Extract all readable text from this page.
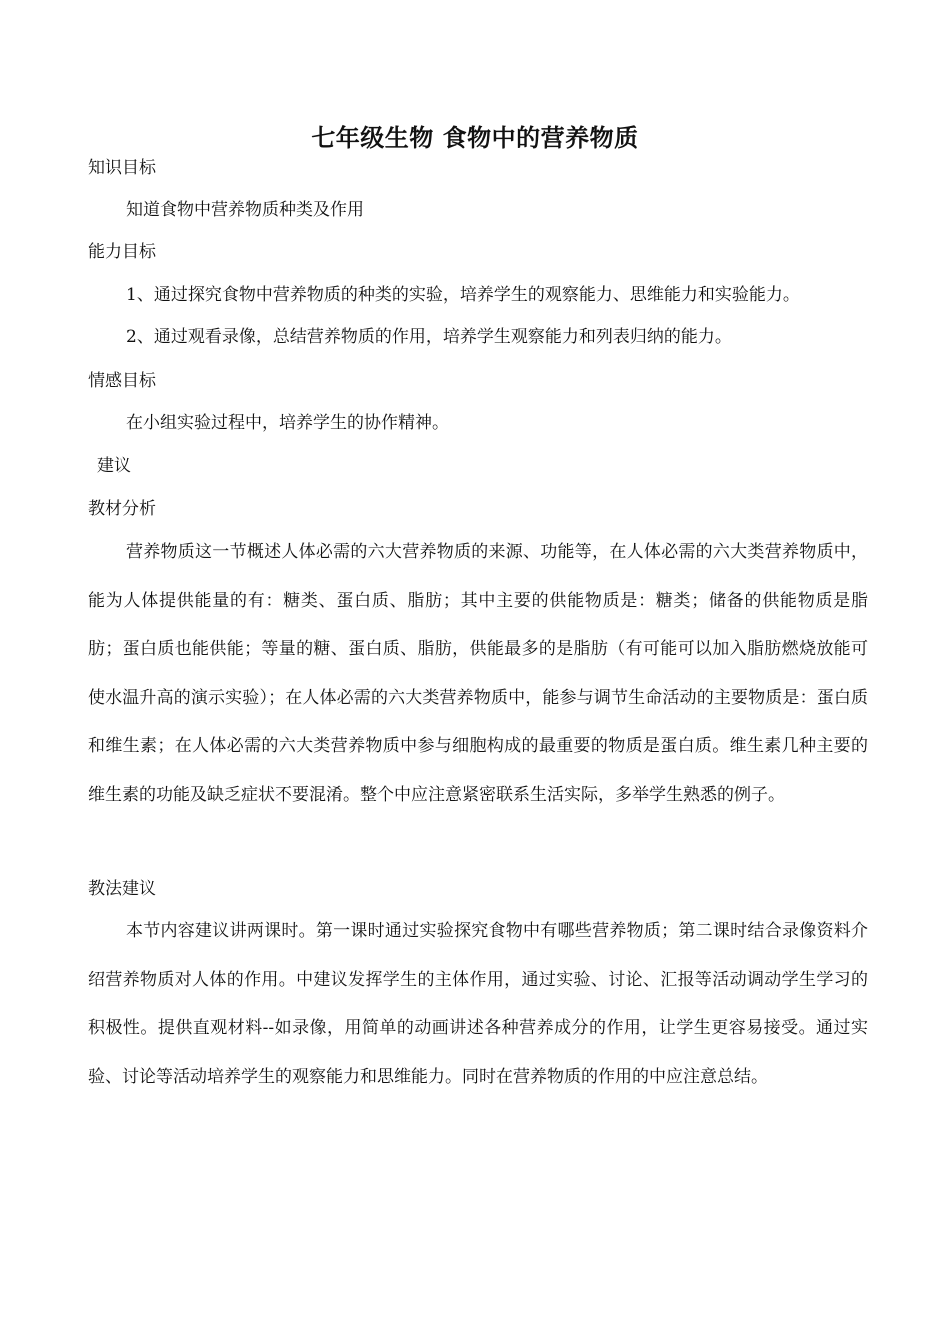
七年级生物 食物中的营养物质
知识目标
知道食物中营养物质种类及作用
能力目标
1、通过探究食物中营养物质的种类的实验，培养学生的观察能力、思维能力和实验能力。
2、通过观看录像，总结营养物质的作用，培养学生观察能力和列表归纳的能力。
情感目标
在小组实验过程中，培养学生的协作精神。
建议
教材分析
营养物质这一节概述人体必需的六大营养物质的来源、功能等，在人体必需的六大类营养物质中，能为人体提供能量的有：糖类、蛋白质、脂肪；其中主要的供能物质是：糖类；储备的供能物质是脂肪；蛋白质也能供能；等量的糖、蛋白质、脂肪，供能最多的是脂肪（有可能可以加入脂肪燃烧放能可使水温升高的演示实验）；在人体必需的六大类营养物质中，能参与调节生命活动的主要物质是：蛋白质和维生素；在人体必需的六大类营养物质中参与细胞构成的最重要的物质是蛋白质。维生素几种主要的维生素的功能及缺乏症状不要混淆。整个中应注意紧密联系生活实际，多举学生熟悉的例子。
教法建议
本节内容建议讲两课时。第一课时通过实验探究食物中有哪些营养物质；第二课时结合录像资料介绍营养物质对人体的作用。中建议发挥学生的主体作用，通过实验、讨论、汇报等活动调动学生学习的积极性。提供直观材料--如录像，用简单的动画讲述各种营养成分的作用，让学生更容易接受。通过实验、讨论等活动培养学生的观察能力和思维能力。同时在营养物质的作用的中应注意总结。
